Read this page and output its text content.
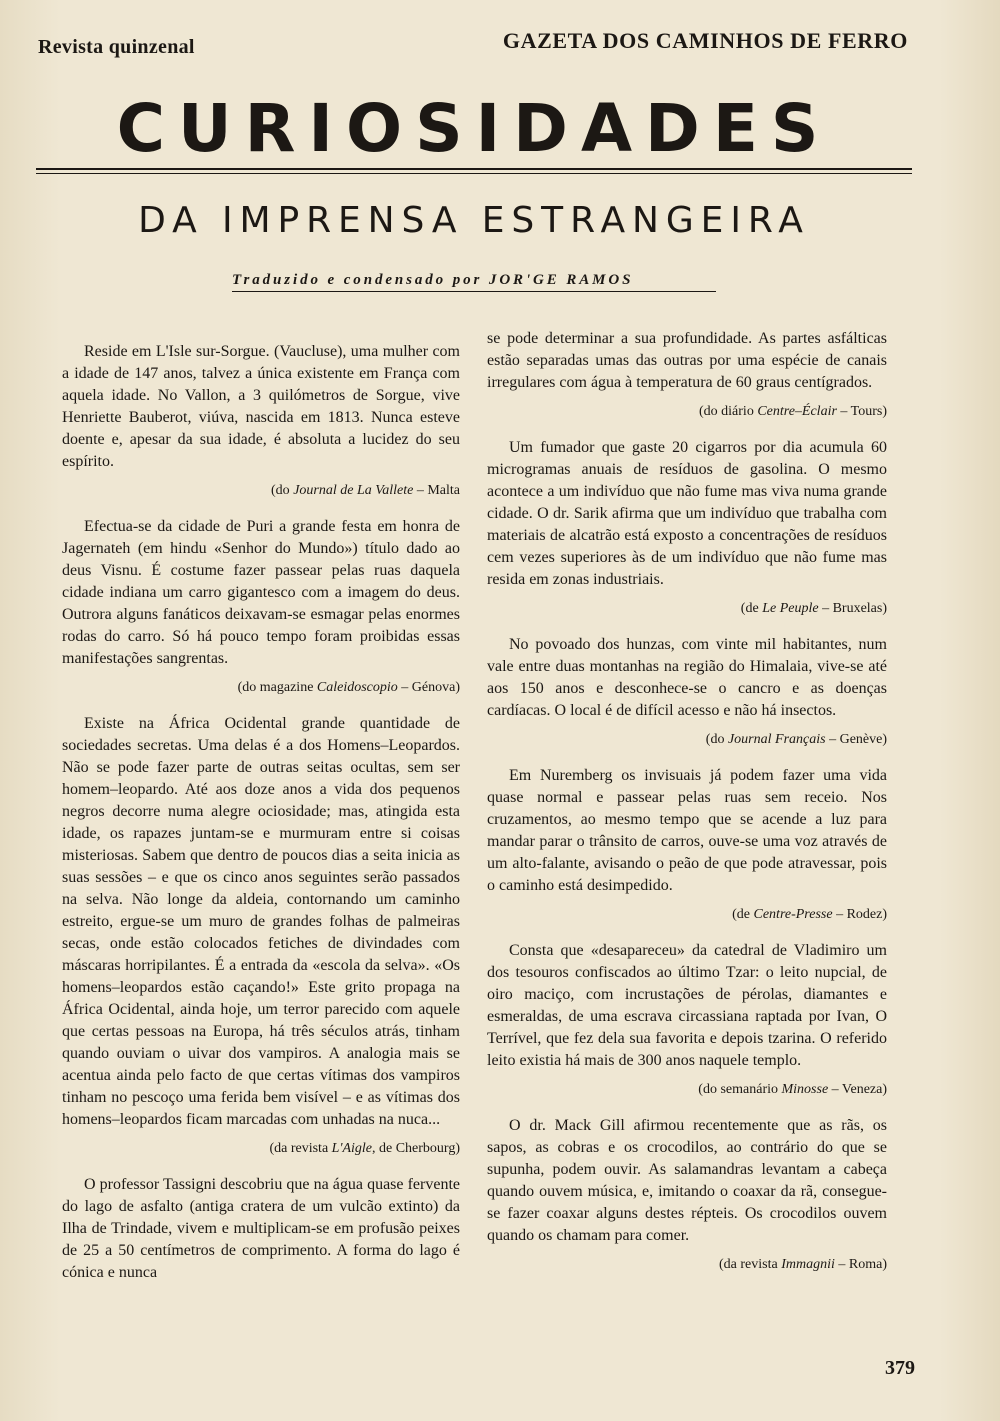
Revista quinzenal	GAZETA DOS CAMINHOS DE FERRO
CURIOSIDADES
DA IMPRENSA ESTRANGEIRA
Traduzido e condensado por JOR'GE RAMOS

Reside em L'Isle sur-Sorgue. (Vaucluse), uma mulher com a idade de 147 anos, talvez a única existente em França com aquela idade. No Vallon, a 3 quilómetros de Sorgue, vive Henriette Bauberot, viúva, nascida em 1813. Nunca esteve doente e, apesar da sua idade, é absoluta a lucidez do seu espírito.

(do Journal de La Vallete – Malta

Efectua-se da cidade de Puri a grande festa em honra de Jagernateh (em hindu «Senhor do Mundo») título dado ao deus Visnu. É costume fazer passear pelas ruas daquela cidade indiana um carro gigantesco com a imagem do deus. Outrora alguns fanáticos deixavam-se esmagar pelas enormes rodas do carro. Só há pouco tempo foram proibidas essas manifestações sangrentas.

(do magazine Caleidoscopio – Génova)

Existe na África Ocidental grande quantidade de sociedades secretas. Uma delas é a dos Homens–Leopardos. Não se pode fazer parte de outras seitas ocultas, sem ser homem–leopardo. Até aos doze anos a vida dos pequenos negros decorre numa alegre ociosidade; mas, atingida esta idade, os rapazes juntam-se e murmuram entre si coisas misteriosas. Sabem que dentro de poucos dias a seita inicia as suas sessões – e que os cinco anos seguintes serão passados na selva. Não longe da aldeia, contornando um caminho estreito, ergue-se um muro de grandes folhas de palmeiras secas, onde estão colocados fetiches de divindades com máscaras horripilantes. É a entrada da «escola da selva». «Os homens–leopardos estão caçando!» Este grito propaga na África Ocidental, ainda hoje, um terror parecido com aquele que certas pessoas na Europa, há três séculos atrás, tinham quando ouviam o uivar dos vampiros. A analogia mais se acentua ainda pelo facto de que certas vítimas dos vampiros tinham no pescoço uma ferida bem visível – e as vítimas dos homens–leopardos ficam marcadas com unhadas na nuca...

(da revista L'Aigle, de Cherbourg)

O professor Tassigni descobriu que na água quase fervente do lago de asfalto (antiga cratera de um vulcão extinto) da Ilha de Trindade, vivem e multiplicam-se em profusão peixes de 25 a 50 centímetros de comprimento. A forma do lago é cónica e nunca

se pode determinar a sua profundidade. As partes asfálticas estão separadas umas das outras por uma espécie de canais irregulares com água à temperatura de 60 graus centígrados.

(do diário Centre–Éclair – Tours)

Um fumador que gaste 20 cigarros por dia acumula 60 microgramas anuais de resíduos de gasolina. O mesmo acontece a um indivíduo que não fume mas viva numa grande cidade. O dr. Sarik afirma que um indivíduo que trabalha com materiais de alcatrão está exposto a concentrações de resíduos cem vezes superiores às de um indivíduo que não fume mas resida em zonas industriais.

(de Le Peuple – Bruxelas)

No povoado dos hunzas, com vinte mil habitantes, num vale entre duas montanhas na região do Himalaia, vive-se até aos 150 anos e desconhece-se o cancro e as doenças cardíacas. O local é de difícil acesso e não há insectos.

(do Journal Français – Genève)

Em Nuremberg os invisuais já podem fazer uma vida quase normal e passear pelas ruas sem receio. Nos cruzamentos, ao mesmo tempo que se acende a luz para mandar parar o trânsito de carros, ouve-se uma voz através de um alto-falante, avisando o peão de que pode atravessar, pois o caminho está desimpedido.

(de Centre-Presse – Rodez)

Consta que «desapareceu» da catedral de Vladimiro um dos tesouros confiscados ao último Tzar: o leito nupcial, de oiro maciço, com incrustações de pérolas, diamantes e esmeraldas, de uma escrava circassiana raptada por Ivan, O Terrível, que fez dela sua favorita e depois tzarina. O referido leito existia há mais de 300 anos naquele templo.

(do semanário Minosse – Veneza)

O dr. Mack Gill afirmou recentemente que as rãs, os sapos, as cobras e os crocodilos, ao contrário do que se supunha, podem ouvir. As salamandras levantam a cabeça quando ouvem música, e, imitando o coaxar da rã, consegue-se fazer coaxar alguns destes répteis. Os crocodilos ouvem quando os chamam para comer.

(da revista Immagnii – Roma)
379
